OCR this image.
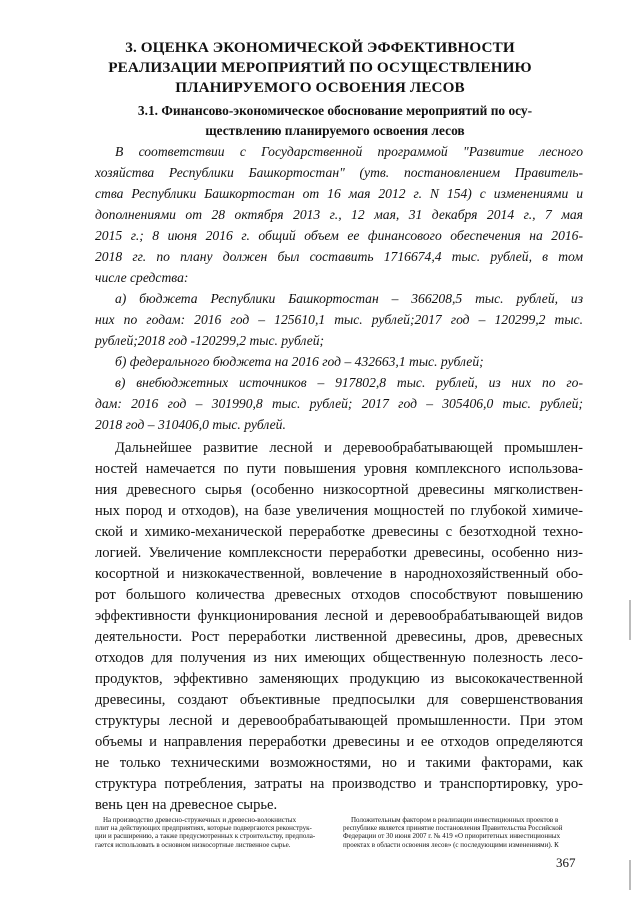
3. ОЦЕНКА ЭКОНОМИЧЕСКОЙ ЭФФЕКТИВНОСТИ
РЕАЛИЗАЦИИ МЕРОПРИЯТИЙ ПО ОСУЩЕСТВЛЕНИЮ
ПЛАНИРУЕМОГО ОСВОЕНИЯ ЛЕСОВ
3.1. Финансово-экономическое обоснование мероприятий по осу-
ществлению планируемого освоения лесов
В соответствии с Государственной программой "Развитие лесного
хозяйства Республики Башкортостан" (утв. постановлением Правитель-
ства Республики Башкортостан от 16 мая 2012 г. N 154) с изменениями и
дополнениями от 28 октября 2013 г., 12 мая, 31 декабря 2014 г., 7 мая
2015 г.; 8 июня 2016 г. общий объем ее финансового обеспечения на 2016-
2018 гг. по плану должен был составить 1716674,4 тыс. рублей, в том
числе средства:
а) бюджета Республики Башкортостан – 366208,5 тыс. рублей, из
них по годам: 2016 год – 125610,1 тыс. рублей;2017 год – 120299,2 тыс.
рублей;2018 год -120299,2 тыс. рублей;
б) федерального бюджета на 2016 год – 432663,1 тыс. рублей;
в) внебюджетных источников – 917802,8 тыс. рублей, из них по го-
дам: 2016 год – 301990,8 тыс. рублей; 2017 год – 305406,0 тыс. рублей;
2018 год – 310406,0 тыс. рублей.
Дальнейшее развитие лесной и деревообрабатывающей промышлен-
ностей намечается по пути повышения уровня комплексного использова-
ния древесного сырья (особенно низкосортной древесины мягколиствен-
ных пород и отходов), на базе увеличения мощностей по глубокой химиче-
ской и химико-механической переработке древесины с безотходной техно-
логией. Увеличение комплексности переработки древесины, особенно низ-
косортной и низкокачественной, вовлечение в народнохозяйственный обо-
рот большого количества древесных отходов способствуют повышению
эффективности функционирования лесной и деревообрабатывающей видов
деятельности. Рост переработки лиственной древесины, дров, древесных
отходов для получения из них имеющих общественную полезность лесо-
продуктов, эффективно заменяющих продукцию из высококачественной
древесины, создают объективные предпосылки для совершенствования
структуры лесной и деревообрабатывающей промышленности. При этом
объемы и направления переработки древесины и ее отходов определяются
не только техническими возможностями, но и такими факторами, как
структура потребления, затраты на производство и транспортировку, уро-
вень цен на древесное сырье.
367
На производство древесно-стружечных и древесно-волокнистых
плит на действующих предприятиях, которые подвергаются реконструк-
ции и расширению, а также предусмотренных к строительству, предпола-
гается использовать в основном низкосортные лиственное сырье.
Положительным фактором в реализации инвестиционных проектов в
республике является принятие постановления Правительства Российской
Федерации от 30 июня 2007 г. № 419 «О приоритетных инвестиционных
проектах в области освоения лесов» (с последующими изменениями). К
